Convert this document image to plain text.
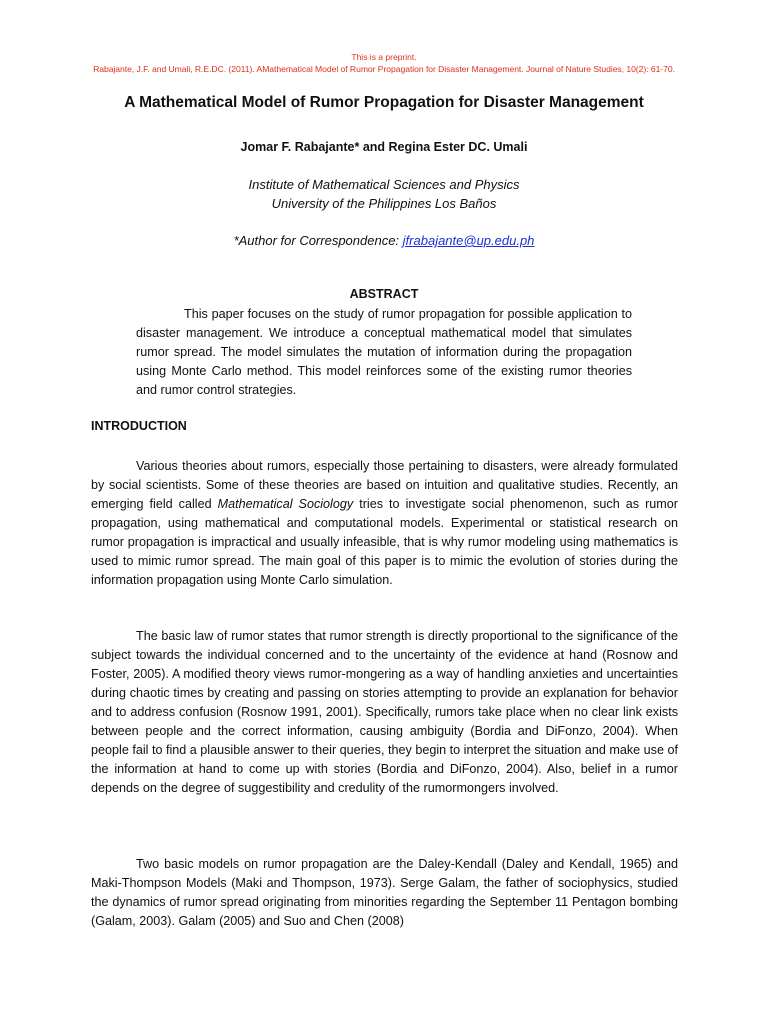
This is a preprint.
Rabajante, J.F. and Umali, R.E.DC. (2011). AMathematical Model of Rumor Propagation for Disaster Management. Journal of Nature Studies, 10(2): 61-70.
A Mathematical Model of Rumor Propagation for Disaster Management
Jomar F. Rabajante* and Regina Ester DC. Umali
Institute of Mathematical Sciences and Physics
University of the Philippines Los Baños
*Author for Correspondence: jfrabajante@up.edu.ph
ABSTRACT

This paper focuses on the study of rumor propagation for possible application to disaster management. We introduce a conceptual mathematical model that simulates rumor spread. The model simulates the mutation of information during the propagation using Monte Carlo method. This model reinforces some of the existing rumor theories and rumor control strategies.

INTRODUCTION

Various theories about rumors, especially those pertaining to disasters, were already formulated by social scientists. Some of these theories are based on intuition and qualitative studies. Recently, an emerging field called Mathematical Sociology tries to investigate social phenomenon, such as rumor propagation, using mathematical and computational models. Experimental or statistical research on rumor propagation is impractical and usually infeasible, that is why rumor modeling using mathematics is used to mimic rumor spread. The main goal of this paper is to mimic the evolution of stories during the information propagation using Monte Carlo simulation.

The basic law of rumor states that rumor strength is directly proportional to the significance of the subject towards the individual concerned and to the uncertainty of the evidence at hand (Rosnow and Foster, 2005). A modified theory views rumor-mongering as a way of handling anxieties and uncertainties during chaotic times by creating and passing on stories attempting to provide an explanation for behavior and to address confusion (Rosnow 1991, 2001). Specifically, rumors take place when no clear link exists between people and the correct information, causing ambiguity (Bordia and DiFonzo, 2004). When people fail to find a plausible answer to their queries, they begin to interpret the situation and make use of the information at hand to come up with stories (Bordia and DiFonzo, 2004). Also, belief in a rumor depends on the degree of suggestibility and credulity of the rumormongers involved.

Two basic models on rumor propagation are the Daley-Kendall (Daley and Kendall, 1965) and Maki-Thompson Models (Maki and Thompson, 1973). Serge Galam, the father of sociophysics, studied the dynamics of rumor spread originating from minorities regarding the September 11 Pentagon bombing (Galam, 2003). Galam (2005) and Suo and Chen (2008)
